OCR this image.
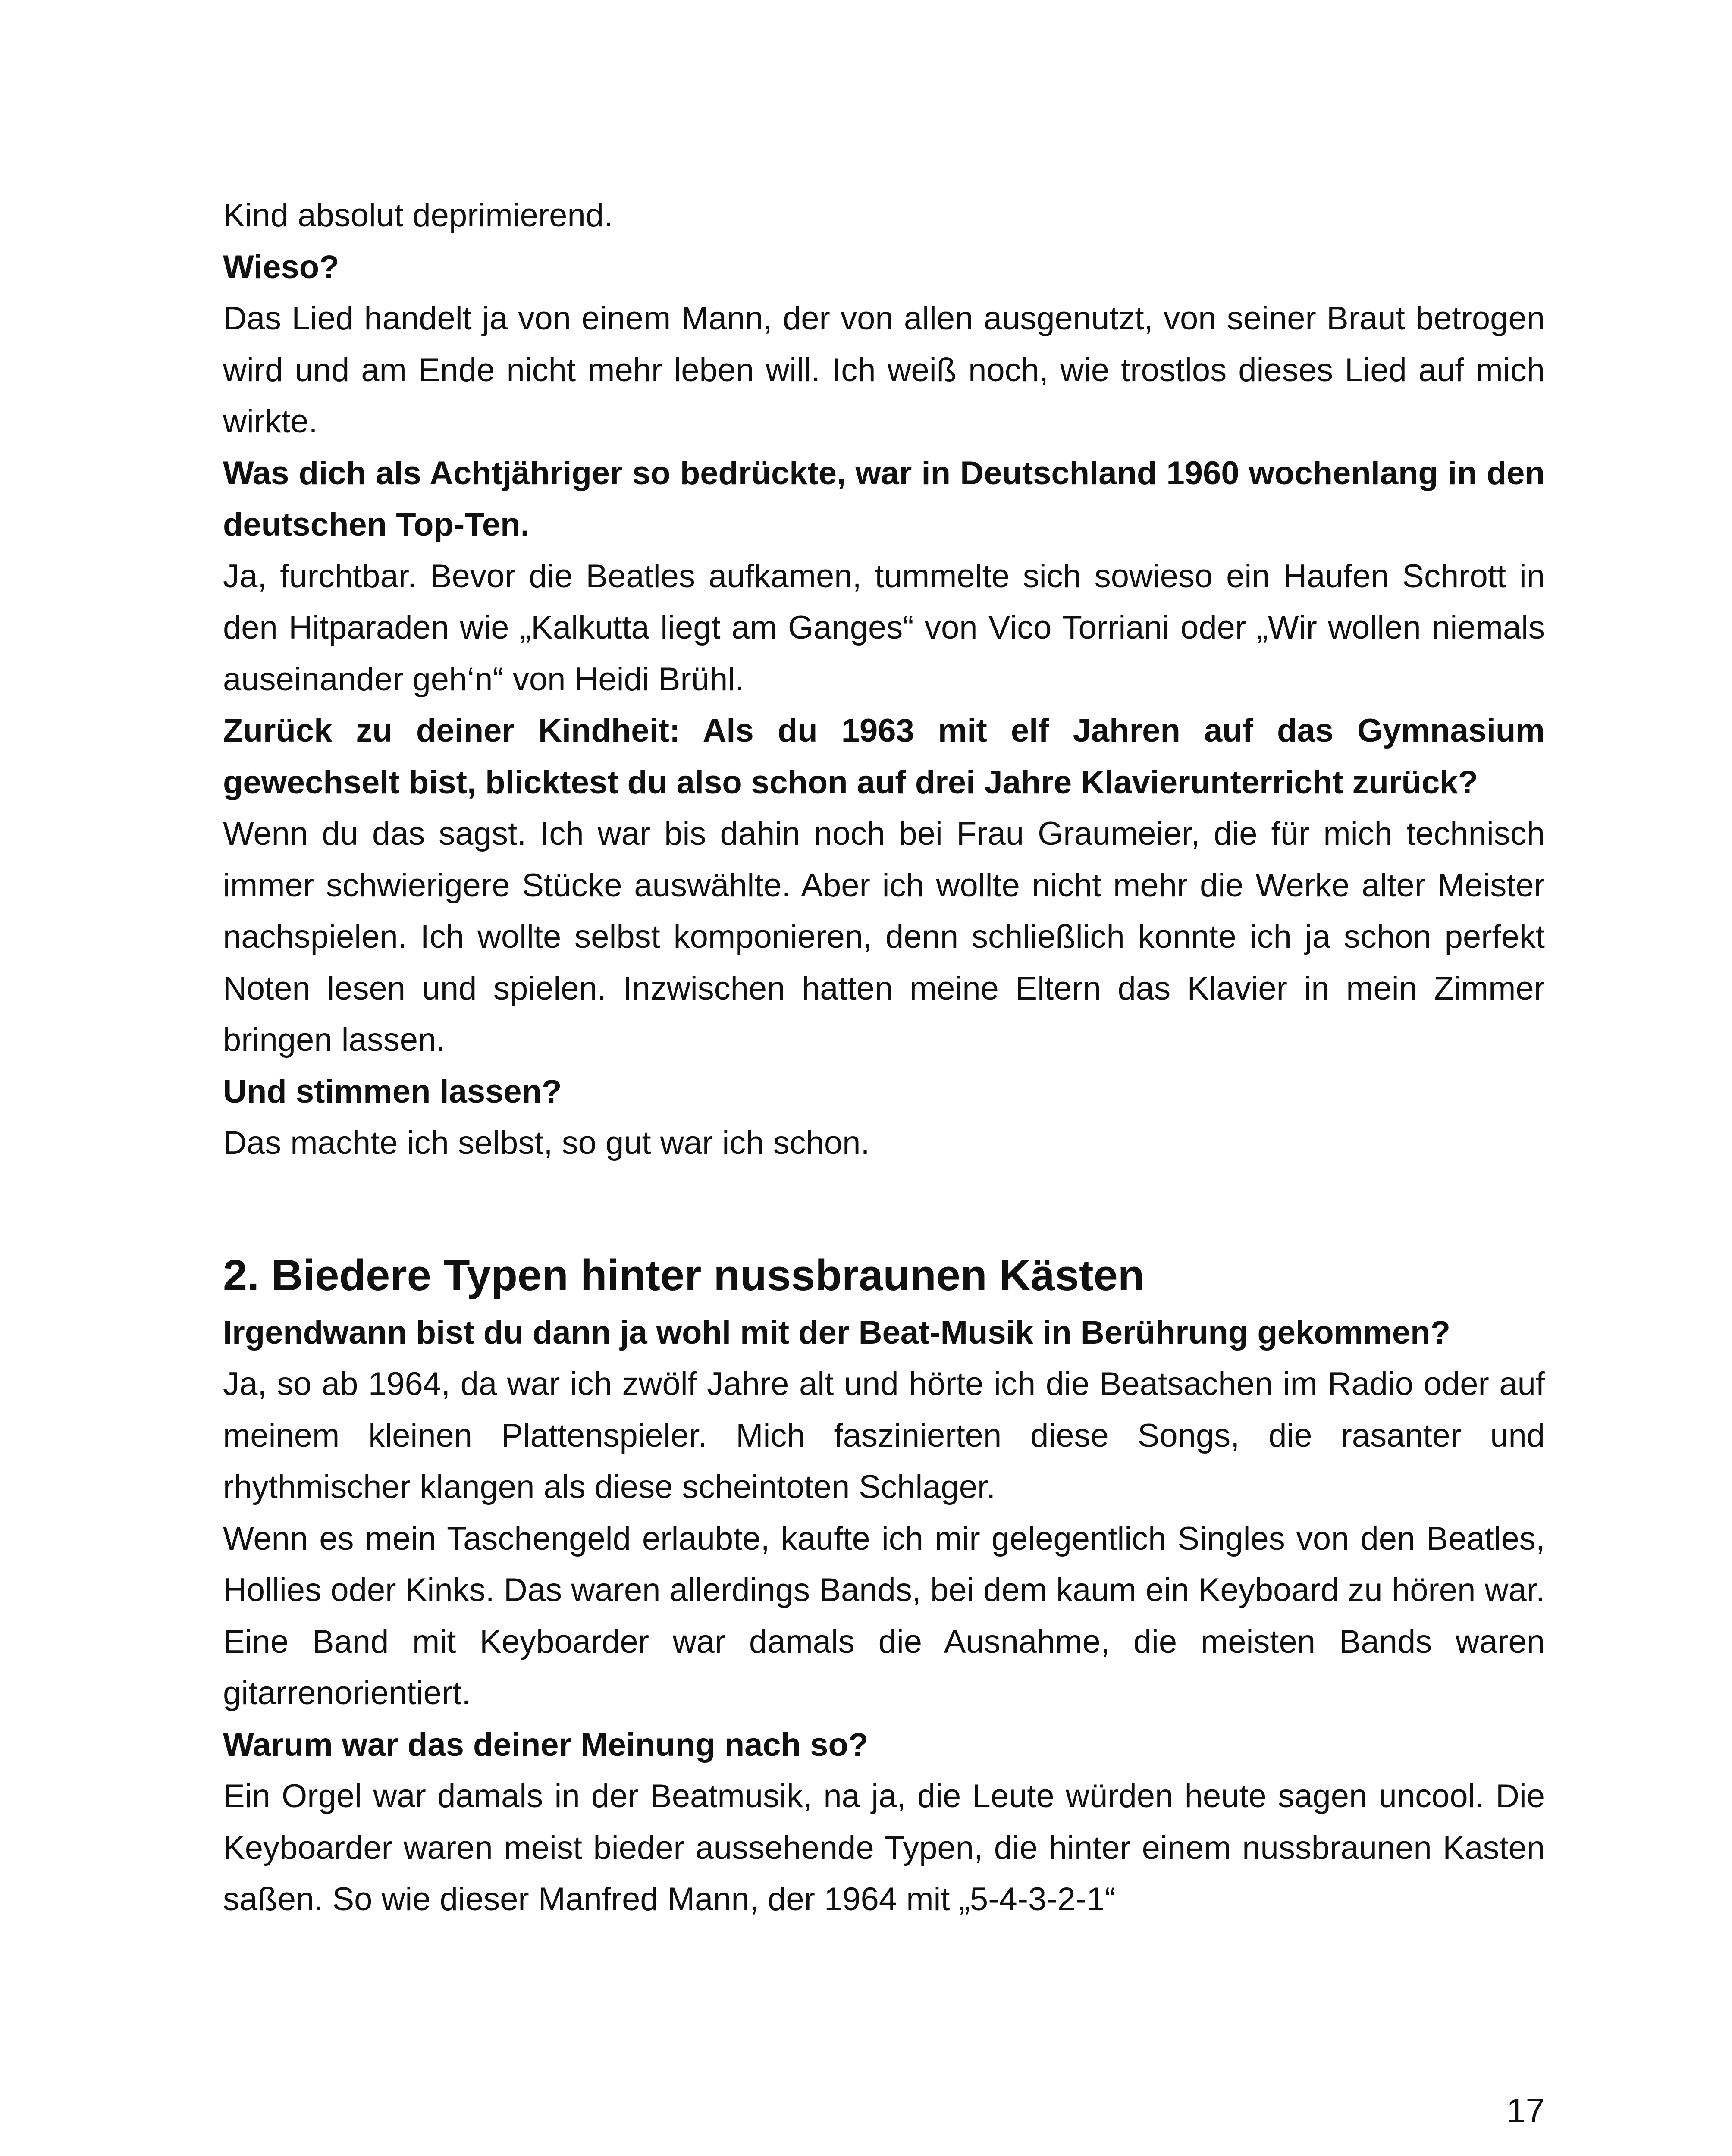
Kind absolut deprimierend.

Wieso?

Das Lied handelt ja von einem Mann, der von allen ausgenutzt, von seiner Braut betrogen wird und am Ende nicht mehr leben will. Ich weiß noch, wie trostlos dieses Lied auf mich wirkte.

Was dich als Achtjähriger so bedrückte, war in Deutschland 1960 wochenlang in den deutschen Top-Ten.

Ja, furchtbar. Bevor die Beatles aufkamen, tummelte sich sowieso ein Haufen Schrott in den Hitparaden wie „Kalkutta liegt am Ganges“ von Vico Torriani oder „Wir wollen niemals auseinander geh‘n“ von Heidi Brühl.

Zurück zu deiner Kindheit: Als du 1963 mit elf Jahren auf das Gymnasium gewechselt bist, blicktest du also schon auf drei Jahre Klavierunterricht zurück?

Wenn du das sagst. Ich war bis dahin noch bei Frau Graumeier, die für mich technisch immer schwierigere Stücke auswählte. Aber ich wollte nicht mehr die Werke alter Meister nachspielen. Ich wollte selbst komponieren, denn schließlich konnte ich ja schon perfekt Noten lesen und spielen. Inzwischen hatten meine Eltern das Klavier in mein Zimmer bringen lassen.

Und stimmen lassen?

Das machte ich selbst, so gut war ich schon.

2. Biedere Typen hinter nussbraunen Kästen

Irgendwann bist du dann ja wohl mit der Beat-Musik in Berührung gekommen?

Ja, so ab 1964, da war ich zwölf Jahre alt und hörte ich die Beatsachen im Radio oder auf meinem kleinen Plattenspieler. Mich faszinierten diese Songs, die rasanter und rhythmischer klangen als diese scheintoten Schlager.

Wenn es mein Taschengeld erlaubte, kaufte ich mir gelegentlich Singles von den Beatles, Hollies oder Kinks. Das waren allerdings Bands, bei dem kaum ein Keyboard zu hören war. Eine Band mit Keyboarder war damals die Ausnahme, die meisten Bands waren gitarrenorientiert.

Warum war das deiner Meinung nach so?

Ein Orgel war damals in der Beatmusik, na ja, die Leute würden heute sagen uncool. Die Keyboarder waren meist bieder aussehende Typen, die hinter einem nussbraunen Kasten saßen. So wie dieser Manfred Mann, der 1964 mit „5-4-3-2-1“

17
